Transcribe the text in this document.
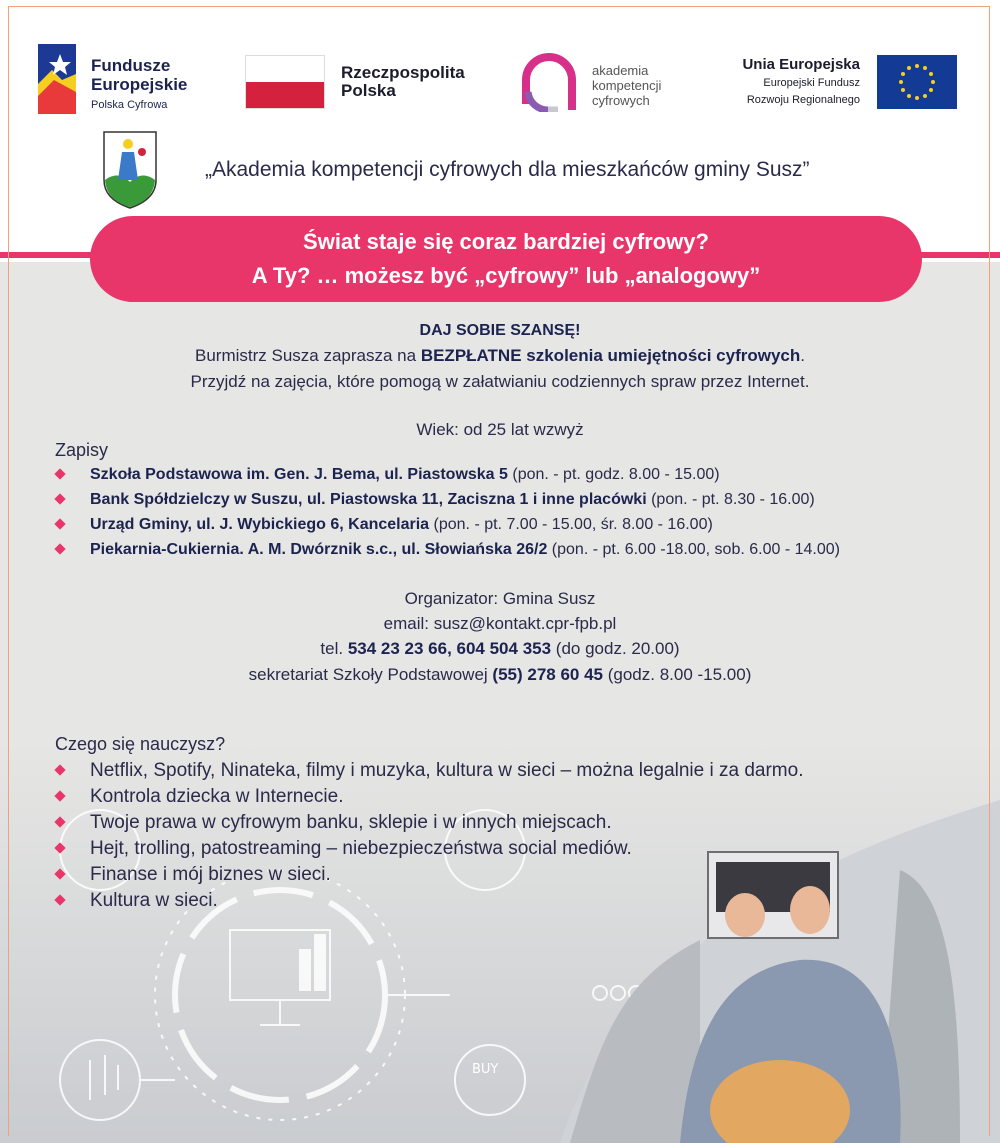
BUY
Fundusze
Europejskie
Polska Cyfrowa
Rzeczpospolita
Polska
akademia
kompetencji
cyfrowych
Unia Europejska
Europejski Fundusz
Rozwoju Regionalnego
„Akademia kompetencji cyfrowych dla mieszkańców gminy Susz”
Świat staje się coraz bardziej cyfrowy?
A Ty? … możesz być „cyfrowy” lub „analogowy”
DAJ SOBIE SZANSĘ!
Burmistrz Susza zaprasza na BEZPŁATNE szkolenia umiejętności cyfrowych.
Przyjdź na zajęcia, które pomogą w załatwianiu codziennych spraw przez Internet.
Wiek: od 25 lat wzwyż
Zapisy
Szkoła Podstawowa im. Gen. J. Bema, ul. Piastowska 5 (pon. - pt. godz. 8.00 - 15.00)
Bank Spółdzielczy w Suszu, ul. Piastowska 11, Zaciszna 1 i inne placówki (pon. - pt. 8.30 - 16.00)
Urząd Gminy, ul. J. Wybickiego 6, Kancelaria (pon. - pt. 7.00 - 15.00, śr. 8.00 - 16.00)
Piekarnia-Cukiernia. A. M. Dwórznik s.c., ul. Słowiańska 26/2 (pon. - pt. 6.00 -18.00, sob. 6.00 - 14.00)
Organizator: Gmina Susz
email: susz@kontakt.cpr-fpb.pl
tel. 534 23 23 66, 604 504 353 (do godz. 20.00)
sekretariat Szkoły Podstawowej (55) 278 60 45 (godz. 8.00 -15.00)
Czego się nauczysz?
Netflix, Spotify, Ninateka, filmy i muzyka, kultura w sieci – można legalnie i za darmo.
Kontrola dziecka w Internecie.
Twoje prawa w cyfrowym banku, sklepie i w innych miejscach.
Hejt, trolling, patostreaming – niebezpieczeństwa social mediów.
Finanse i mój biznes w sieci.
Kultura w sieci.
